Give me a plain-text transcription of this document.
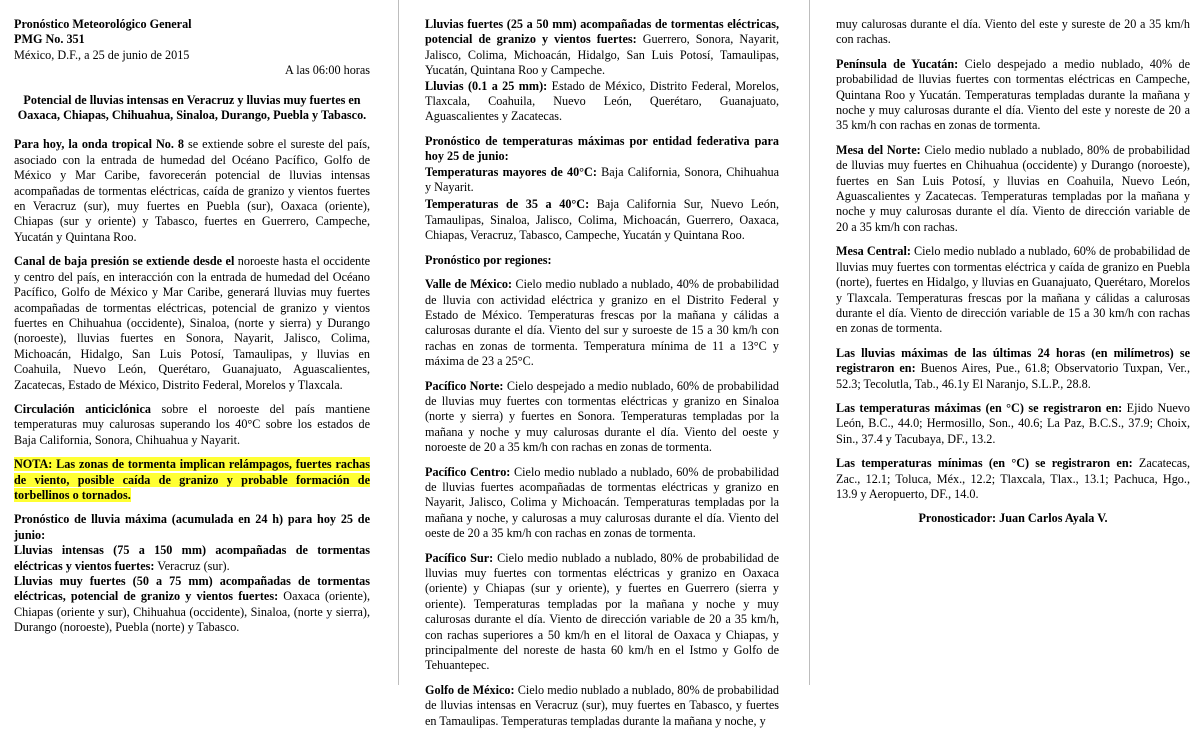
Pronóstico Meteorológico General

PMG No. 351

México, D.F., a 25 de junio de 2015

A las 06:00 horas

Potencial de lluvias intensas en Veracruz y lluvias muy fuertes en Oaxaca, Chiapas, Chihuahua, Sinaloa, Durango, Puebla y Tabasco.

Para hoy, la onda tropical No. 8 se extiende sobre el sureste del país, asociado con la entrada de humedad del Océano Pacífico, Golfo de México y Mar Caribe, favorecerán potencial de lluvias intensas acompañadas de tormentas eléctricas, caída de granizo y vientos fuertes en Veracruz (sur), muy fuertes en Puebla (sur), Oaxaca (oriente), Chiapas (sur y oriente) y Tabasco, fuertes en Guerrero, Campeche, Yucatán y Quintana Roo.

Canal de baja presión se extiende desde el noroeste hasta el occidente y centro del país, en interacción con la entrada de humedad del Océano Pacífico, Golfo de México y Mar Caribe, generará lluvias muy fuertes acompañadas de tormentas eléctricas, potencial de granizo y vientos fuertes en Chihuahua (occidente), Sinaloa, (norte y sierra) y Durango (noroeste), lluvias fuertes en Sonora, Nayarit, Jalisco, Colima, Michoacán, Hidalgo, San Luis Potosí, Tamaulipas, y lluvias en Coahuila, Nuevo León, Querétaro, Guanajuato, Aguascalientes, Zacatecas, Estado de México, Distrito Federal, Morelos y Tlaxcala.

Circulación anticiclónica sobre el noroeste del país mantiene temperaturas muy calurosas superando los 40°C sobre los estados de Baja California, Sonora, Chihuahua y Nayarit.

NOTA: Las zonas de tormenta implican relámpagos, fuertes rachas de viento, posible caída de granizo y probable formación de torbellinos o tornados.

Pronóstico de lluvia máxima (acumulada en 24 h) para hoy 25 de junio:

Lluvias intensas (75 a 150 mm) acompañadas de tormentas eléctricas y vientos fuertes: Veracruz (sur).

Lluvias muy fuertes (50 a 75 mm) acompañadas de tormentas eléctricas, potencial de granizo y vientos fuertes: Oaxaca (oriente), Chiapas (oriente y sur), Chihuahua (occidente), Sinaloa, (norte y sierra), Durango (noroeste), Puebla (norte) y Tabasco.

Lluvias fuertes (25 a 50 mm) acompañadas de tormentas eléctricas, potencial de granizo y vientos fuertes: Guerrero, Sonora, Nayarit, Jalisco, Colima, Michoacán, Hidalgo, San Luis Potosí, Tamaulipas, Yucatán, Quintana Roo y Campeche.

Lluvias (0.1 a 25 mm): Estado de México, Distrito Federal, Morelos, Tlaxcala, Coahuila, Nuevo León, Querétaro, Guanajuato, Aguascalientes y Zacatecas.

Pronóstico de temperaturas máximas por entidad federativa para hoy 25 de junio:

Temperaturas mayores de 40°C: Baja California, Sonora, Chihuahua y Nayarit.

Temperaturas de 35 a 40°C: Baja California Sur, Nuevo León, Tamaulipas, Sinaloa, Jalisco, Colima, Michoacán, Guerrero, Oaxaca, Chiapas, Veracruz, Tabasco, Campeche, Yucatán y Quintana Roo.

Pronóstico por regiones:

Valle de México: Cielo medio nublado a nublado, 40% de probabilidad de lluvia con actividad eléctrica y granizo en el Distrito Federal y Estado de México. Temperaturas frescas por la mañana y cálidas a calurosas durante el día. Viento del sur y suroeste de 15 a 30 km/h con rachas en zonas de tormenta. Temperatura mínima de 11 a 13°C y máxima de 23 a 25°C.

Pacífico Norte: Cielo despejado a medio nublado, 60% de probabilidad de lluvias muy fuertes con tormentas eléctricas y granizo en Sinaloa (norte y sierra) y fuertes en Sonora. Temperaturas templadas por la mañana y noche y muy calurosas durante el día. Viento del oeste y noroeste de 20 a 35 km/h con rachas en zonas de tormenta.

Pacífico Centro: Cielo medio nublado a nublado, 60% de probabilidad de lluvias fuertes acompañadas de tormentas eléctricas y granizo en Nayarit, Jalisco, Colima y Michoacán. Temperaturas templadas por la mañana y noche, y calurosas a muy calurosas durante el día. Viento del oeste de 20 a 35 km/h con rachas en zonas de tormenta.

Pacífico Sur: Cielo medio nublado a nublado, 80% de probabilidad de lluvias muy fuertes con tormentas eléctricas y granizo en Oaxaca (oriente) y Chiapas (sur y oriente), y fuertes en Guerrero (sierra y oriente). Temperaturas templadas por la mañana y noche y muy calurosas durante el día. Viento de dirección variable de 20 a 35 km/h, con rachas superiores a 50 km/h en el litoral de Oaxaca y Chiapas, y principalmente del noreste de hasta 60 km/h en el Istmo y Golfo de Tehuantepec.

Golfo de México: Cielo medio nublado a nublado, 80% de probabilidad de lluvias intensas en Veracruz (sur), muy fuertes en Tabasco, y fuertes en Tamaulipas. Temperaturas templadas durante la mañana y noche, y

muy calurosas durante el día. Viento del este y sureste de 20 a 35 km/h con rachas.

Península de Yucatán: Cielo despejado a medio nublado, 40% de probabilidad de lluvias fuertes con tormentas eléctricas en Campeche, Quintana Roo y Yucatán. Temperaturas templadas durante la mañana y noche y muy calurosas durante el día. Viento del este y noreste de 20 a 35 km/h con rachas en zonas de tormenta.

Mesa del Norte: Cielo medio nublado a nublado, 80% de probabilidad de lluvias muy fuertes en Chihuahua (occidente) y Durango (noroeste), fuertes en San Luis Potosí, y lluvias en Coahuila, Nuevo León, Aguascalientes y Zacatecas. Temperaturas templadas por la mañana y noche y muy calurosas durante el día. Viento de dirección variable de 20 a 35 km/h con rachas.

Mesa Central: Cielo medio nublado a nublado, 60% de probabilidad de lluvias muy fuertes con tormentas eléctrica y caída de granizo en Puebla (norte), fuertes en Hidalgo, y lluvias en Guanajuato, Querétaro, Morelos y Tlaxcala. Temperaturas frescas por la mañana y cálidas a calurosas durante el día. Viento de dirección variable de 15 a 30 km/h con rachas en zonas de tormenta.

Las lluvias máximas de las últimas 24 horas (en milímetros) se registraron en: Buenos Aires, Pue., 61.8; Observatorio Tuxpan, Ver., 52.3; Tecolutla, Tab., 46.1y El Naranjo, S.L.P., 28.8.

Las temperaturas máximas (en °C) se registraron en: Ejido Nuevo León, B.C., 44.0; Hermosillo, Son., 40.6; La Paz, B.C.S., 37.9; Choix, Sin., 37.4 y Tacubaya, DF., 13.2.

Las temperaturas mínimas (en °C) se registraron en: Zacatecas, Zac., 12.1; Toluca, Méx., 12.2; Tlaxcala, Tlax., 13.1; Pachuca, Hgo., 13.9 y Aeropuerto, DF., 14.0.

Pronosticador: Juan Carlos Ayala V.
